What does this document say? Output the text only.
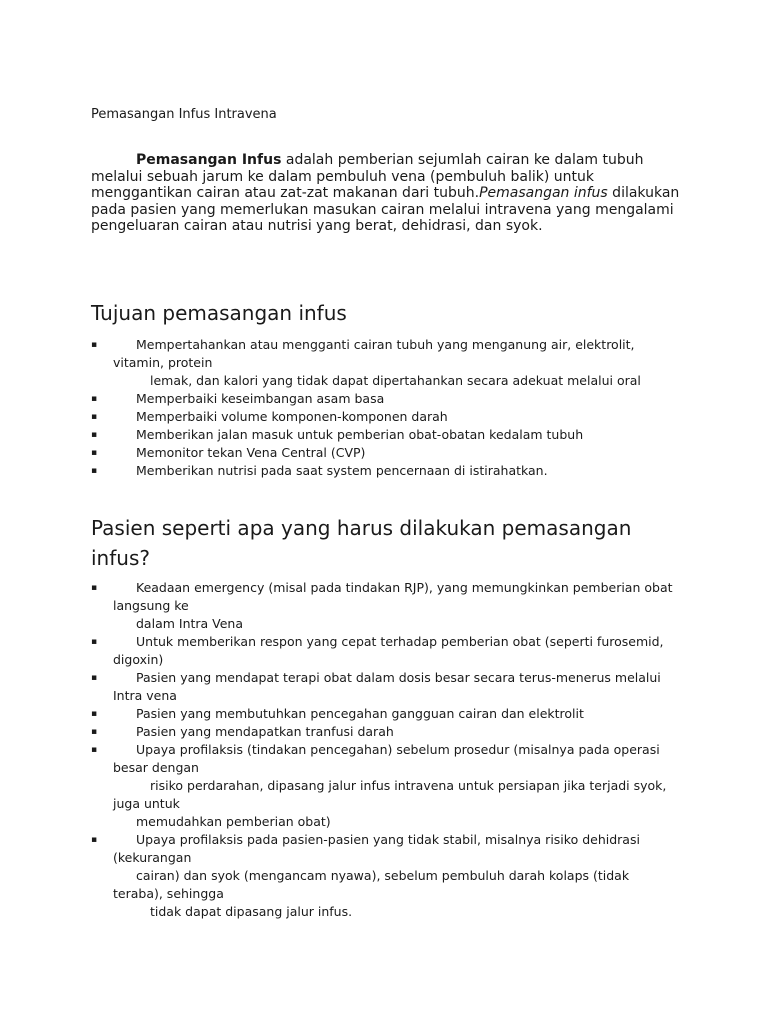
Pemasangan Infus Intravena
Pemasangan Infus adalah pemberian sejumlah cairan ke dalam tubuh melalui sebuah jarum ke dalam pembuluh vena (pembuluh balik) untuk menggantikan cairan atau zat-zat makanan dari tubuh.Pemasangan infus dilakukan pada pasien yang memerlukan masukan cairan melalui intravena yang mengalami pengeluaran cairan atau nutrisi yang berat, dehidrasi, dan syok.
Tujuan pemasangan infus
▪	Mempertahankan atau mengganti cairan tubuh yang menganung air, elektrolit,
vitamin, protein
lemak, dan kalori yang tidak dapat dipertahankan secara adekuat melalui oral
▪	Memperbaiki keseimbangan asam basa
▪	Memperbaiki volume komponen-komponen darah
▪	Memberikan jalan masuk untuk pemberian obat-obatan kedalam tubuh
▪	Memonitor tekan Vena Central (CVP)
▪	Memberikan nutrisi pada saat system pencernaan di istirahatkan.
Pasien seperti apa yang harus dilakukan pemasangan infus?
▪	Keadaan emergency (misal pada tindakan RJP), yang memungkinkan pemberian obat
langsung ke
dalam Intra Vena
▪	Untuk memberikan respon yang cepat terhadap pemberian obat (seperti furosemid,
digoxin)
▪	Pasien yang mendapat terapi obat dalam dosis besar secara terus-menerus melalui
Intra vena
▪	Pasien yang membutuhkan pencegahan gangguan cairan dan elektrolit
▪	Pasien yang mendapatkan tranfusi darah
▪	Upaya profilaksis (tindakan pencegahan) sebelum prosedur (misalnya pada operasi
besar dengan
risiko perdarahan, dipasang jalur infus intravena untuk persiapan jika terjadi syok,
juga untuk
memudahkan pemberian obat)
▪	Upaya profilaksis pada pasien-pasien yang tidak stabil, misalnya risiko dehidrasi
(kekurangan
cairan) dan syok (mengancam nyawa), sebelum pembuluh darah kolaps (tidak
teraba), sehingga
tidak dapat dipasang jalur infus.
